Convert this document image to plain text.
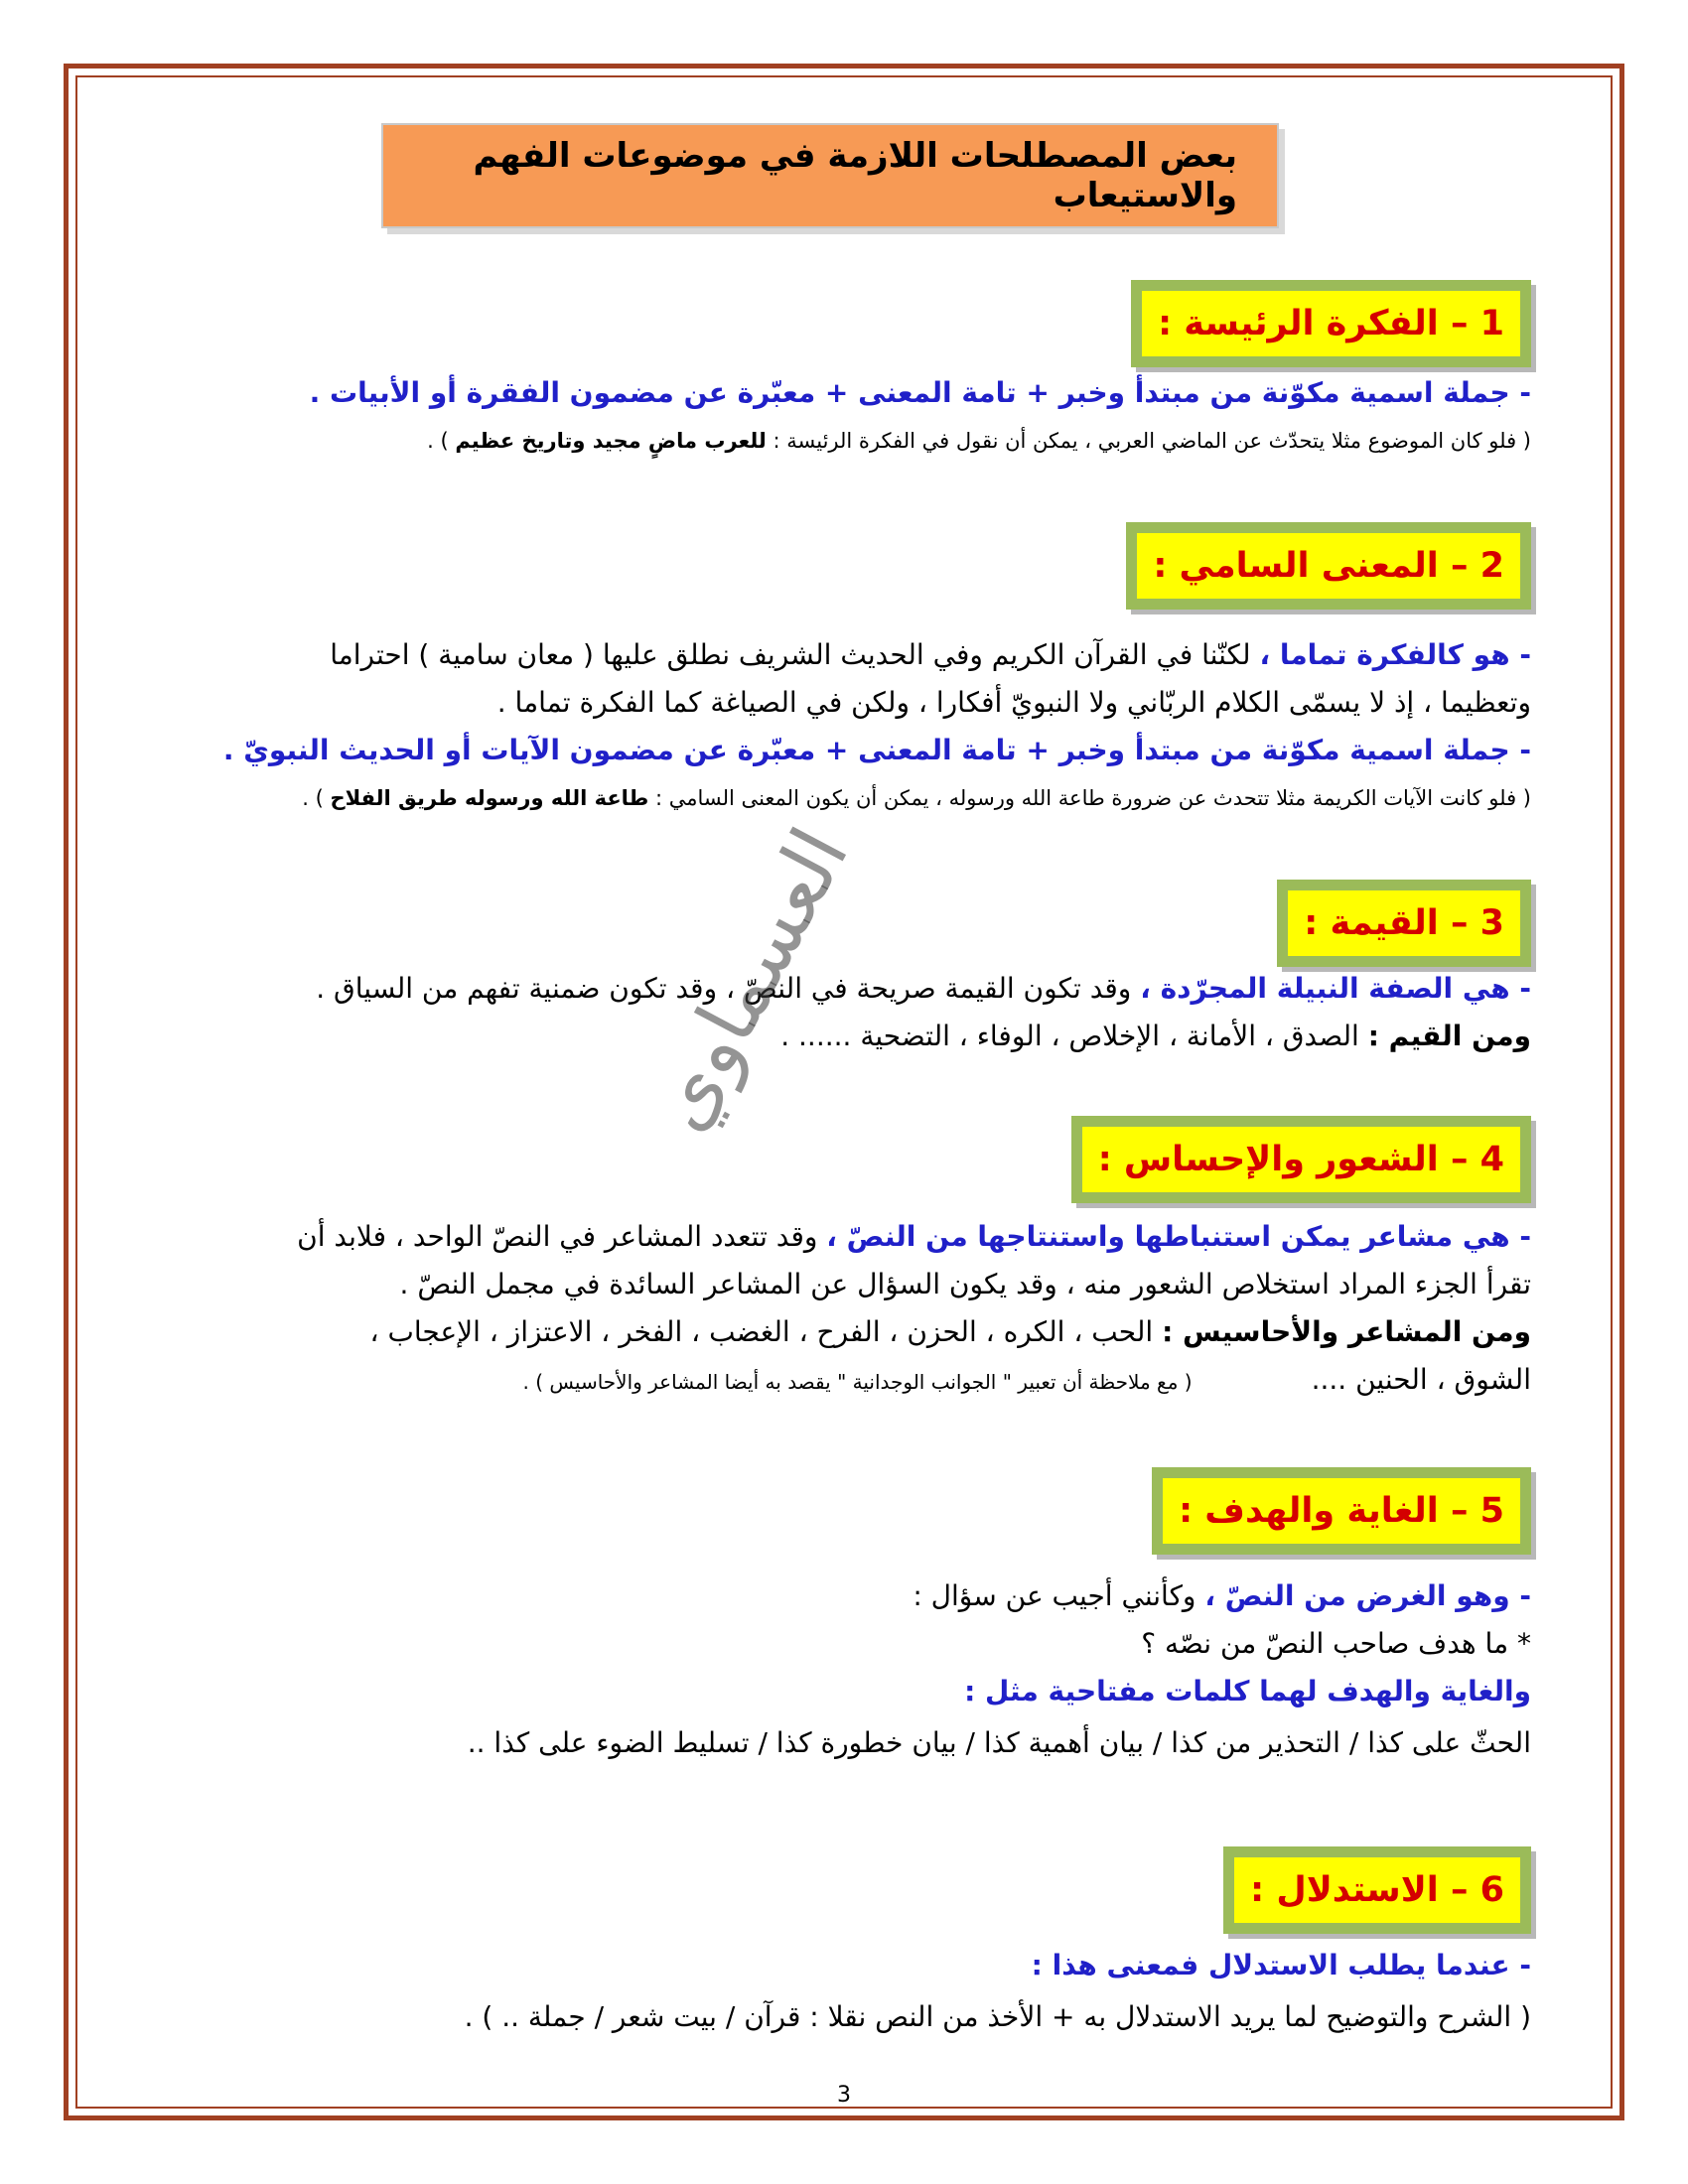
بعض المصطلحات اللازمة في موضوعات الفهم والاستيعاب
1 – الفكرة الرئيسة :
- جملة اسمية مكوّنة من مبتدأ وخبر + تامة المعنى + معبّرة عن مضمون الفقرة أو الأبيات .
( فلو كان الموضوع مثلا يتحدّث عن الماضي العربي ، يمكن أن نقول في الفكرة الرئيسة : للعرب ماضٍ مجيد وتاريخ عظيم ) .
2 – المعنى السامي :
- هو كالفكرة تماما ، لكنّنا في القرآن الكريم وفي الحديث الشريف نطلق عليها ( معان سامية ) احتراما
وتعظيما ، إذ لا يسمّى الكلام الربّاني ولا النبويّ أفكارا ، ولكن في الصياغة كما الفكرة تماما .
- جملة اسمية مكوّنة من مبتدأ وخبر + تامة المعنى + معبّرة عن مضمون الآيات أو الحديث النبويّ .
( فلو كانت الآيات الكريمة مثلا تتحدث عن ضرورة طاعة الله ورسوله ، يمكن أن يكون المعنى السامي : طاعة الله ورسوله طريق الفلاح ) .
3 – القيمة :
- هي الصفة النبيلة المجرّدة ، وقد تكون القيمة صريحة في النصّ ، وقد تكون ضمنية تفهم من السياق .
ومن القيم : الصدق ، الأمانة ، الإخلاص ، الوفاء ، التضحية ...... .
4 – الشعور والإحساس :
- هي مشاعر يمكن استنباطها واستنتاجها من النصّ ، وقد تتعدد المشاعر في النصّ الواحد ، فلابد أن
تقرأ الجزء المراد استخلاص الشعور منه ، وقد يكون السؤال عن المشاعر السائدة في مجمل النصّ .
ومن المشاعر والأحاسيس : الحب ، الكره ، الحزن ، الفرح ، الغضب ، الفخر ، الاعتزاز ، الإعجاب ،
الشوق ، الحنين ....( مع ملاحظة أن تعبير " الجوانب الوجدانية " يقصد به أيضا المشاعر والأحاسيس ) .
5 – الغاية والهدف :
- وهو الغرض من النصّ ، وكأنني أجيب عن سؤال :
* ما هدف صاحب النصّ من نصّه ؟
والغاية والهدف لهما كلمات مفتاحية مثل :
الحثّ على كذا / التحذير من كذا / بيان أهمية كذا / بيان خطورة كذا / تسليط الضوء على كذا ..
6 – الاستدلال :
- عندما يطلب الاستدلال فمعنى هذا :
( الشرح والتوضيح لما يريد الاستدلال به + الأخذ من النص نقلا : قرآن / بيت شعر / جملة .. ) .
العسماوي
3
